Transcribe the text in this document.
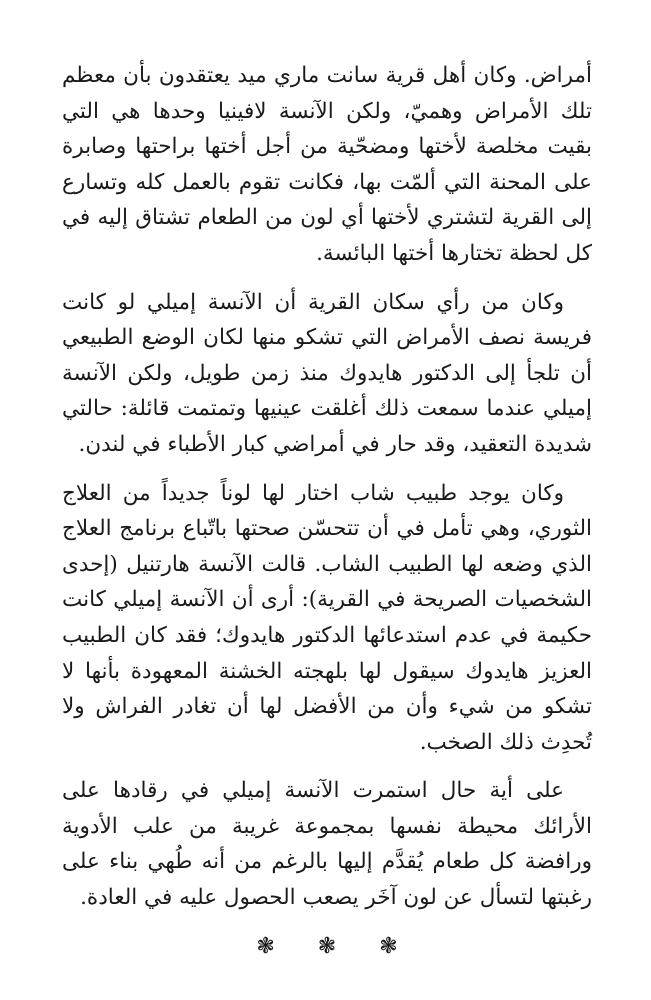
أمراض. وكان أهل قرية سانت ماري ميد يعتقدون بأن معظم تلك الأمراض وهميّ، ولكن الآنسة لافينيا وحدها هي التي بقيت مخلصة لأختها ومضحّية من أجل أختها براحتها وصابرة على المحنة التي ألمّت بها، فكانت تقوم بالعمل كله وتسارع إلى القرية لتشتري لأختها أي لون من الطعام تشتاق إليه في كل لحظة تختارها أختها البائسة.

وكان من رأي سكان القرية أن الآنسة إميلي لو كانت فريسة نصف الأمراض التي تشكو منها لكان الوضع الطبيعي أن تلجأ إلى الدكتور هايدوك منذ زمن طويل، ولكن الآنسة إميلي عندما سمعت ذلك أغلقت عينيها وتمتمت قائلة: حالتي شديدة التعقيد، وقد حار في أمراضي كبار الأطباء في لندن.

وكان يوجد طبيب شاب اختار لها لوناً جديداً من العلاج الثوري، وهي تأمل في أن تتحسّن صحتها باتّباع برنامج العلاج الذي وضعه لها الطبيب الشاب. قالت الآنسة هارتنيل (إحدى الشخصيات الصريحة في القرية): أرى أن الآنسة إميلي كانت حكيمة في عدم استدعائها الدكتور هايدوك؛ فقد كان الطبيب العزيز هايدوك سيقول لها بلهجته الخشنة المعهودة بأنها لا تشكو من شيء وأن من الأفضل لها أن تغادر الفراش ولا تُحدِث ذلك الصخب.

على أية حال استمرت الآنسة إميلي في رقادها على الأرائك محيطة نفسها بمجموعة غريبة من علب الأدوية ورافضة كل طعام يُقدَّم إليها بالرغم من أنه طُهي بناء على رغبتها لتسأل عن لون آخَر يصعب الحصول عليه في العادة.

❃ ❃ ❃
